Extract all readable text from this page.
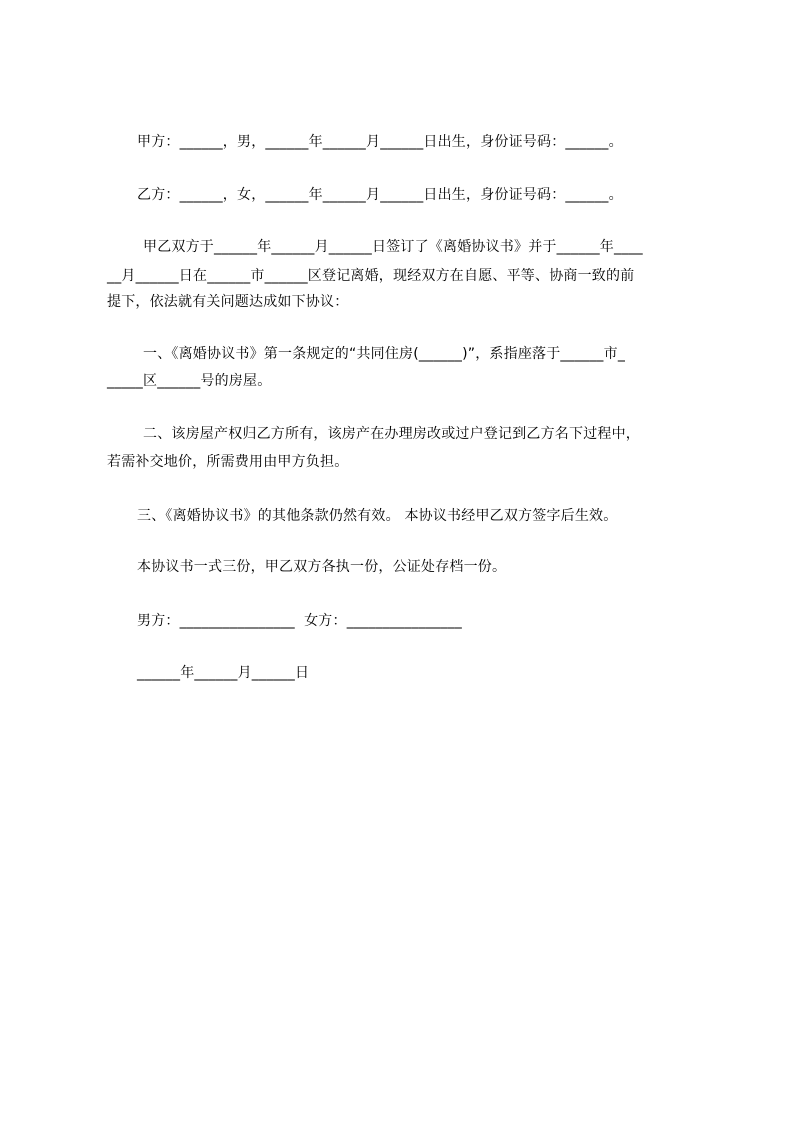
甲方：______，男，______年______月______日出生，身份证号码：______。
乙方：______，女，______年______月______日出生，身份证号码：______。
甲乙双方于______年______月______日签订了《离婚协议书》并于______年____
__月______日在______市______区登记离婚，现经双方在自愿、平等、协商一致的前
提下，依法就有关问题达成如下协议：
一、《离婚协议书》第一条规定的“共同住房(______)”，系指座落于______市_
_____区______号的房屋。
二、该房屋产权归乙方所有，该房产在办理房改或过户登记到乙方名下过程中，
若需补交地价，所需费用由甲方负担。
三、《离婚协议书》的其他条款仍然有效。 本协议书经甲乙双方签字后生效。
本协议书一式三份，甲乙双方各执一份，公证处存档一份。
男方：________________  女方：________________
______年______月______日
